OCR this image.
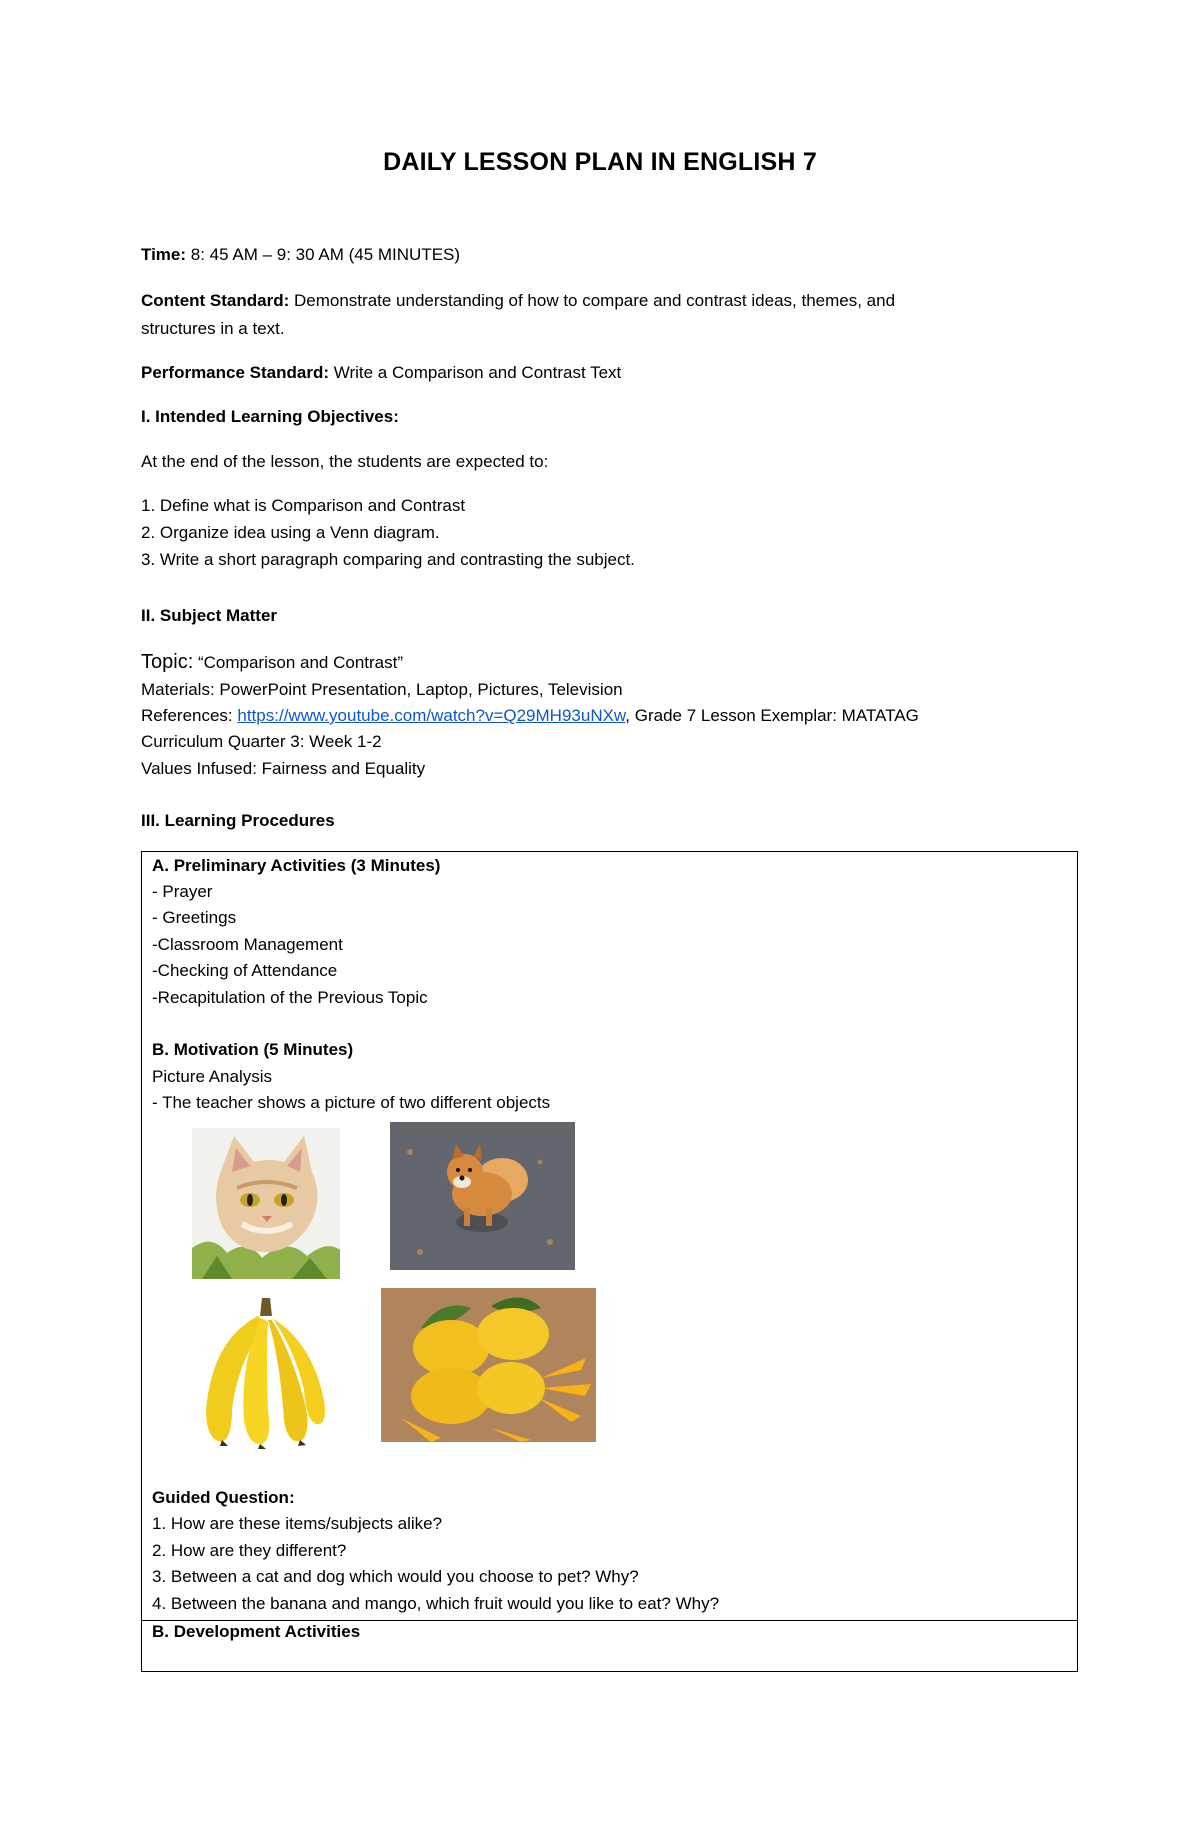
DAILY LESSON PLAN IN ENGLISH 7
Time: 8: 45 AM – 9: 30 AM (45 MINUTES)
Content Standard: Demonstrate understanding of how to compare and contrast ideas, themes, and
structures in a text.
Performance Standard: Write a Comparison and Contrast Text
I. Intended Learning Objectives:
At the end of the lesson, the students are expected to:
1. Define what is Comparison and Contrast
2. Organize idea using a Venn diagram.
3. Write a short paragraph comparing and contrasting the subject.
II. Subject Matter
Topic: “Comparison and Contrast”
Materials: PowerPoint Presentation, Laptop, Pictures, Television
References: https://www.youtube.com/watch?v=Q29MH93uNXw, Grade 7 Lesson Exemplar: MATATAG
Curriculum Quarter 3: Week 1-2
Values Infused: Fairness and Equality
III. Learning Procedures
A. Preliminary Activities (3 Minutes)
- Prayer
- Greetings
-Classroom Management
-Checking of Attendance
-Recapitulation of the Previous Topic
B. Motivation (5 Minutes)
Picture Analysis
- The teacher shows a picture of two different objects
Guided Question:
1. How are these items/subjects alike?
2. How are they different?
3. Between a cat and dog which would you choose to pet? Why?
4. Between the banana and mango, which fruit would you like to eat? Why?
B. Development Activities
